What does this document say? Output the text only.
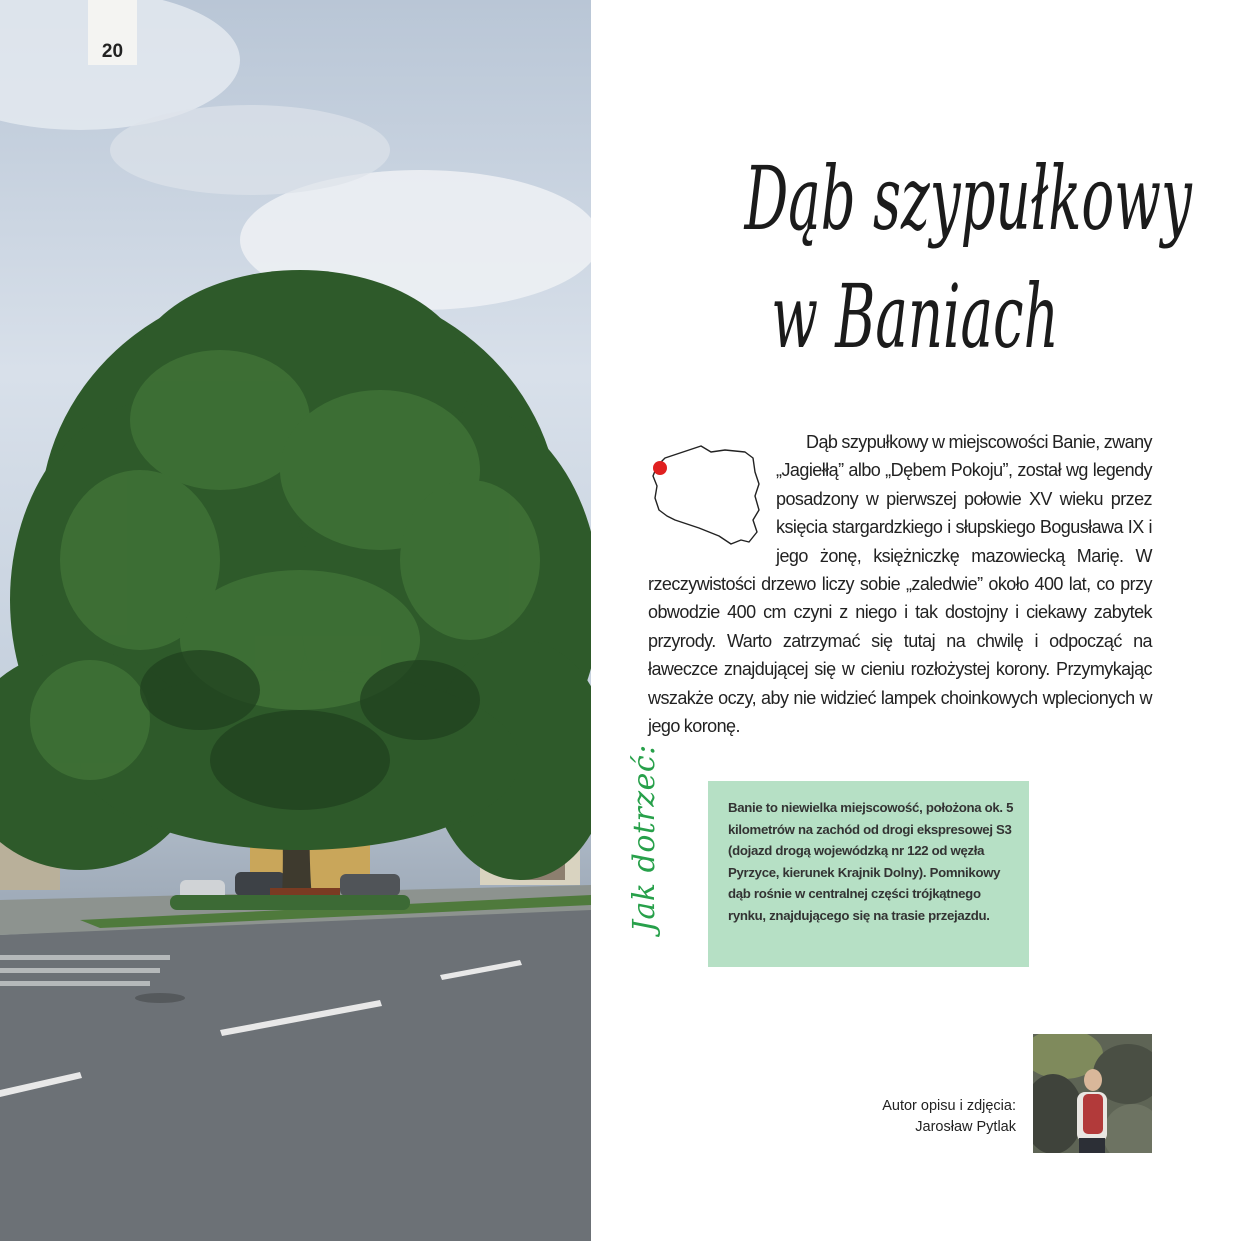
20
Dąb szypułkowy
w Baniach

Dąb szypułkowy w miejscowości Banie, zwany „Jagiełłą” albo „Dębem Pokoju”, został wg legendy posadzony w pierwszej połowie XV wieku przez księcia stargardzkiego i słupskiego Bogusława IX i jego żonę, księżniczkę mazowiecką Marię. W rzeczywistości drzewo liczy sobie „zaledwie” około 400 lat, co przy obwodzie 400 cm czyni z niego i tak dostojny i ciekawy zabytek przyrody. Warto zatrzymać się tutaj na chwilę i odpocząć na ławeczce znajdującej się w cieniu rozłożystej korony. Przymykając wszakże oczy, aby nie widzieć lampek choinkowych wplecionych w jego koronę.

Jak dotrzeć:	Banie to niewielka miejscowość, położona ok. 5 kilometrów na zachód od drogi ekspresowej S3 (dojazd drogą wojewódzką nr 122 od węzła Pyrzyce, kierunek Krajnik Dolny). Pomnikowy dąb rośnie w centralnej części trójkątnego rynku, znajdującego się na trasie przejazdu.

Autor opisu i zdjęcia:
Jarosław Pytlak
